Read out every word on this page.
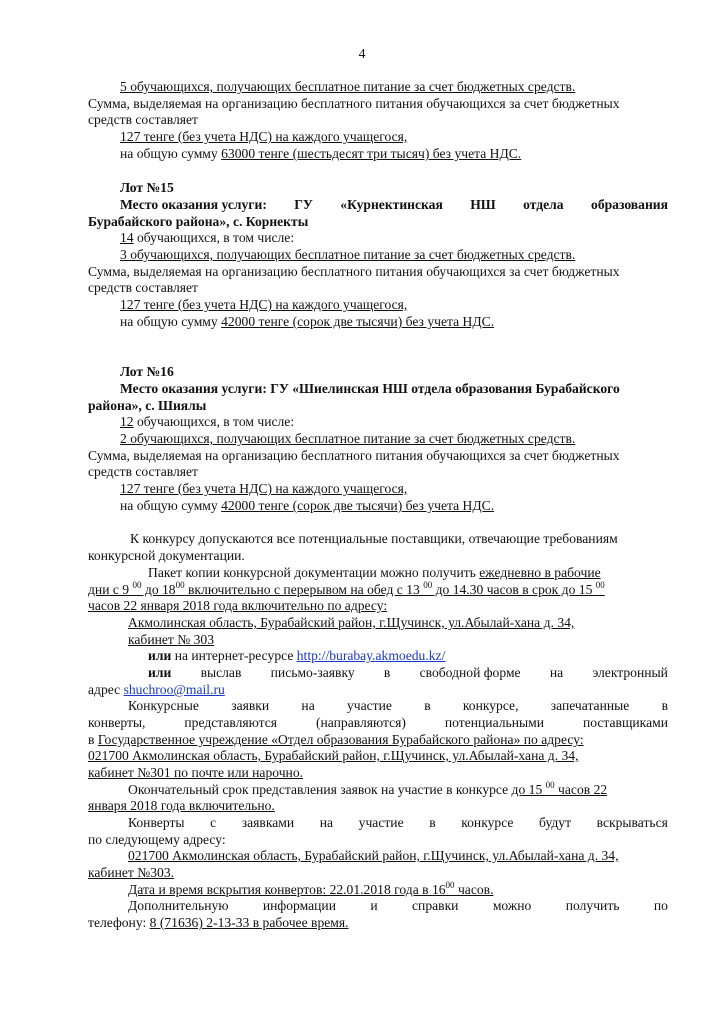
4
5 обучающихся, получающих бесплатное питание за счет бюджетных средств.
Сумма, выделяемая на организацию бесплатного питания обучающихся за счет бюджетных
средств составляет
127 тенге (без учета НДС) на каждого учащегося,
на общую сумму 63000 тенге (шестьдесят три тысяч) без учета НДС.
Лот №15
Место оказания услуги: ГУ «Курнектинская НШ отдела образования
Бурабайского района», с. Корнекты
14 обучающихся, в том числе:
3 обучающихся, получающих бесплатное питание за счет бюджетных средств.
Сумма, выделяемая на организацию бесплатного питания обучающихся за счет бюджетных
средств составляет
127 тенге (без учета НДС) на каждого учащегося,
на общую сумму 42000 тенге (сорок две тысячи) без учета НДС.
Лот №16
Место оказания услуги: ГУ «Шиелинская НШ отдела образования Бурабайского
района», с. Шиялы
12 обучающихся, в том числе:
2 обучающихся, получающих бесплатное питание за счет бюджетных средств.
Сумма, выделяемая на организацию бесплатного питания обучающихся за счет бюджетных
средств составляет
127 тенге (без учета НДС) на каждого учащегося,
на общую сумму 42000 тенге (сорок две тысячи) без учета НДС.
К конкурсу допускаются все потенциальные поставщики, отвечающие требованиям
конкурсной документации.
Пакет копии конкурсной документации можно получить ежедневно в рабочие
дни с 9 $^{00}$ до $18^{00}$ включительно с перерывом на обед с 13 $^{00}$ до 14.30 часов в срок до 15 $^{00}$
часов 22 января 2018 года включительно по адресу:
Акмолинская область, Бурабайский район, г.Щучинск, ул.Абылай-хана д. 34,
кабинет № 303
или на интернет-ресурсе http://burabay.akmoedu.kz/
или выслав письмо-заявку в свободной форме на электронный
адрес shuchroo@mail.ru
Конкурсные заявки на участие в конкурсе, запечатанные в
конверты,	представляются	(направляются)	потенциальными	поставщиками
в Государственное учреждение «Отдел образования Бурабайского района» по адресу:
021700 Акмолинская область, Бурабайский район, г.Щучинск, ул.Абылай-хана д. 34,
кабинет №301 по почте или нарочно.
Окончательный срок представления заявок на участие в конкурсе до 15 $^{00}$ часов 22
января 2018 года включительно.
Конверты с заявками на участие в конкурсе будут вскрываться
по следующему адресу:
021700 Акмолинская область, Бурабайский район, г.Щучинск, ул.Абылай-хана д. 34,
кабинет №303.
Дата и время вскрытия конвертов: 22.01.2018 года в $16^{00}$ часов.
Дополнительную	информации	и	справки	можно	получить	по
телефону: 8 (71636) 2-13-33 в рабочее время.
